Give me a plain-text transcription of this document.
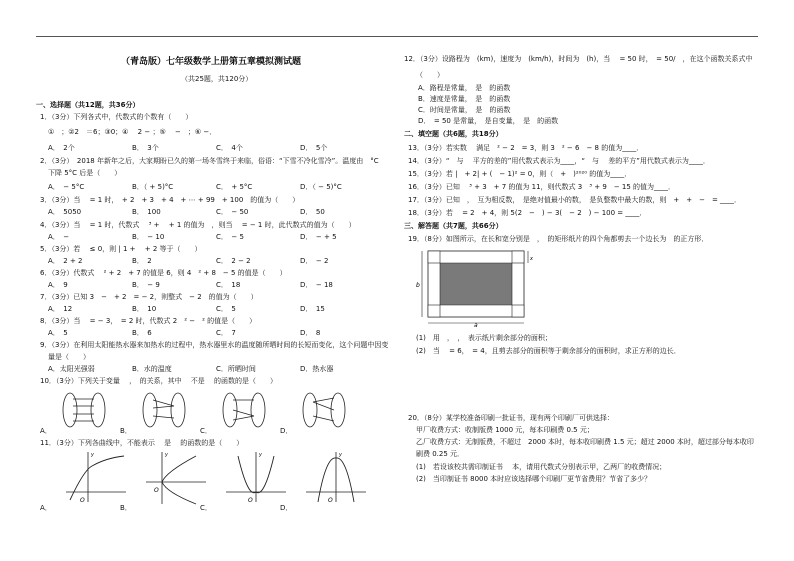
（青岛版）七年级数学上册第五章模拟测试题
（共25题，共120分）
一、选择题（共12题，共36分）
1．（3分）下列各式中，代数式的个数有（　　）
①　；②2　＝6；③0；④　 2 − ；⑤　 −　；⑥ −．
A．　2个	B．　3个	C．　4个	D．　5个
2．（3分）　2018 年新年之后，大家期盼已久的第一场冬雪终于来临，俗语：“下雪不冷化雪冷”。温度由　°C
下降 5°C 后是（　　）
A．　− 5°C	B．（ + 5)°C	C．　+ 5°C	D．（ − 5)°C
3．（3分）当　 = 1 时，　+ 2　+ 3　+ 4　+ ⋯ + 99　+ 100　的值为（　　）
A．　5050	B．　100	C．　− 50	D．　50
4．（3分）当　 = 1 时，代数式　 ³ +　 + 1 的值为　，则当　 = − 1 时，此代数式的值为（　　）
A．　−	B．　− 10	C．　− 5	D．　− + 5
5．（3分）若　 ≤ 0，则 | 1 +　 + 2 等于（　　）
A．　2 + 2	B．　2	C．　2 − 2	D．　− 2
6．（3分）代数式　 ² + 2　+ 7 的值是 6，则 4　² + 8　− 5 的值是（　　）
A．　9	B．　− 9	C．　18	D．　− 18
7．（3分）已知 3　−　+ 2　= − 2，则整式　− 2　的值为（　　）
A．　12	B．　10	C．　5	D．　15
8．（3分）当　 = − 3，　= 2 时，代数式 2　² −　² 的值是（　　）
A．　5	B．　6	C．　7	D．　8
9．（3分）在利用太阳能热水器来加热水的过程中，热水器里水的温度随所晒时间的长短而变化，这个问题中因变
量是（　　）
A．太阳光强弱	B．水的温度	C．所晒时间	D．热水器
10．（3分）下列关于变量　 ，　的关系，其中　 不是　 的函数的是（　　）
A．	B．	C．	D．
11．（3分）下列各曲线中，不能表示　 是　 的函数的是（　　）
O
y
O
y
O
y
O
y
A．	B．	C．	D．
12．（3分）设路程为　(km)，速度为　(km/h)，时间为　(h)，当　 = 50 时，　= 50/　，在这个函数关系式中
（　　）
A．路程是常量，　是　的函数
B．速度是常量，　是　的函数
C．时间是常量，　是　的函数
D．　= 50 是常量，　是自变量，　是　的函数
二、填空题（共6题，共18分）
13．（3分）若实数　 满足　² − 2　= 3，则 3　² − 6　− 8 的值为____．
14．（3分）“　与　 平方的差的”用代数式表示为____，“　与　 差的平方”用代数式表示为____．
15．（3分）若 |　+ 2| + (　− 1)² = 0，则（　+　)²⁰²⁰ 的值为____．
16．（3分）已知　 ³ + 3　+ 7 的值为 11，则代数式 3　³ + 9　− 15 的值为____．
17．（3分）已知　，　互为相反数，　是绝对值最小的数，　是负整数中最大的数，则　+　+　−　= ____．
18．（3分）若　 = 2　+ 4，则 5(2　−　) − 3(　− 2　) − 100 = ____．
三、解答题（共7题，共66分）
19．（8分）如图所示，在长和宽分别是　，　的矩形纸片的四个角都剪去一个边长为　的正方形．
a
b
x
(1)　用　，　，　表示纸片剩余部分的面积；
(2)　当　 = 6，　= 4，且剪去部分的面积等于剩余部分的面积时，求正方形的边长．
20．（8分）某学校准备印刷一批证书，现有两个印刷厂可供选择：
甲厂收费方式：收制版费 1000 元，每本印刷费 0.5 元；
乙厂收费方式：无制版费，不超过　2000 本时，每本收印刷费 1.5 元；超过 2000 本时，超过部分每本收印
刷费 0.25 元．
(1)　若设该校共需印制证书　 本，请用代数式分别表示甲，乙两厂的收费情况；
(2)　当印制证书 8000 本时应该选择哪个印刷厂更节省费用？节省了多少？
